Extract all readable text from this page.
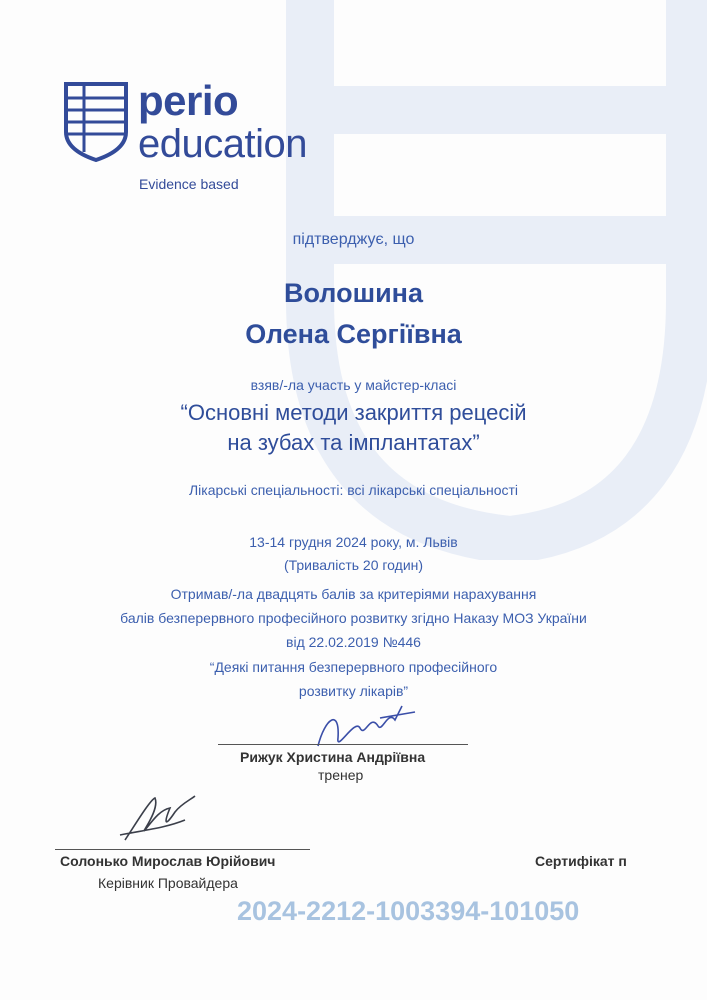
perio
education
Evidence based
підтверджує, що
Волошина
Олена Сергіївна
взяв/-ла участь у майстер-класі
“Основні методи закриття рецесій
на зубах та імплантатах”
Лікарські спеціальності: всі лікарські спеціальності
13-14 грудня 2024 року, м. Львів
(Тривалість 20 годин)
Отримав/-ла двадцять балів за критеріями нарахування
балів безперервного професійного розвитку згідно Наказу МОЗ України
від 22.02.2019 №446
“Деякі питання безперервного професійного
розвитку лікарів”
Рижук Христина Андріївна
тренер
Солонько Мирослав Юрійович
Керівник Провайдера
Сертифікат п
2024-2212-1003394-101050
